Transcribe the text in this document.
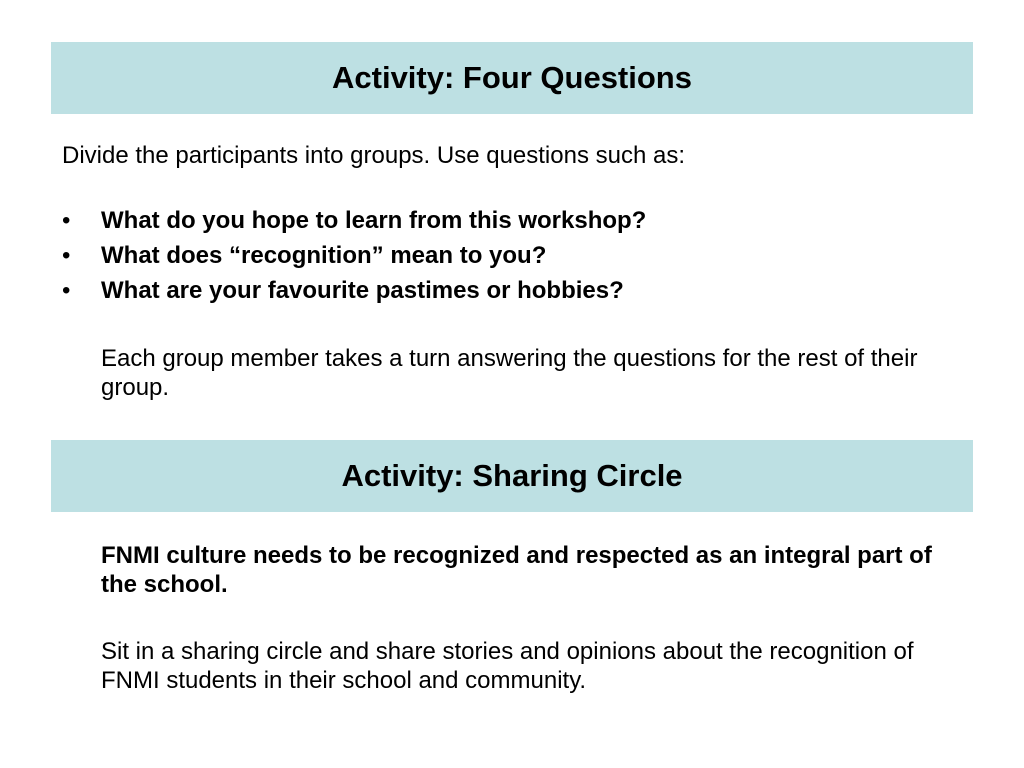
Activity: Four Questions

Divide the participants into groups. Use questions such as:

• What do you hope to learn from this workshop?
• What does “recognition” mean to you?
• What are your favourite pastimes or hobbies?

Each group member takes a turn answering the questions for the rest of their group.

Activity: Sharing Circle

FNMI culture needs to be recognized and respected as an integral part of the school.

Sit in a sharing circle and share stories and opinions about the recognition of FNMI students in their school and community.
